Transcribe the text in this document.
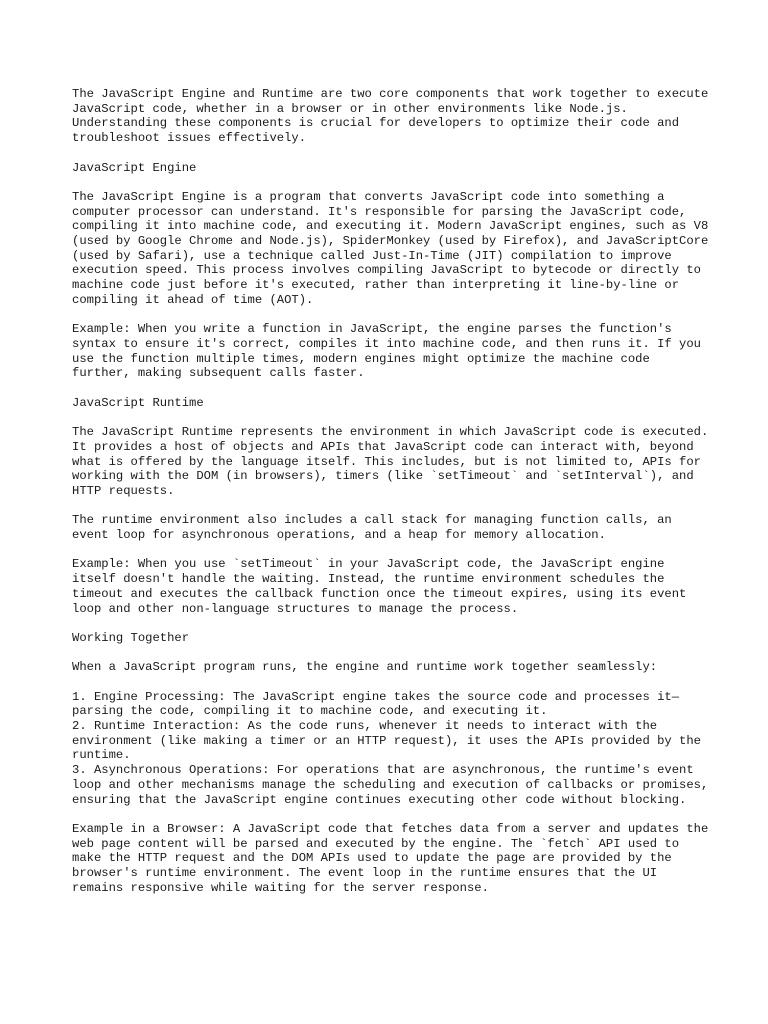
The JavaScript Engine and Runtime are two core components that work together to execute JavaScript code, whether in a browser or in other environments like Node.js. Understanding these components is crucial for developers to optimize their code and troubleshoot issues effectively.

JavaScript Engine

The JavaScript Engine is a program that converts JavaScript code into something a computer processor can understand. It's responsible for parsing the JavaScript code, compiling it into machine code, and executing it. Modern JavaScript engines, such as V8 (used by Google Chrome and Node.js), SpiderMonkey (used by Firefox), and JavaScriptCore (used by Safari), use a technique called Just-In-Time (JIT) compilation to improve execution speed. This process involves compiling JavaScript to bytecode or directly to machine code just before it's executed, rather than interpreting it line-by-line or compiling it ahead of time (AOT).

Example: When you write a function in JavaScript, the engine parses the function's syntax to ensure it's correct, compiles it into machine code, and then runs it. If you use the function multiple times, modern engines might optimize the machine code further, making subsequent calls faster.

JavaScript Runtime

The JavaScript Runtime represents the environment in which JavaScript code is executed. It provides a host of objects and APIs that JavaScript code can interact with, beyond what is offered by the language itself. This includes, but is not limited to, APIs for working with the DOM (in browsers), timers (like `setTimeout` and `setInterval`), and HTTP requests.

The runtime environment also includes a call stack for managing function calls, an event loop for asynchronous operations, and a heap for memory allocation.

Example: When you use `setTimeout` in your JavaScript code, the JavaScript engine itself doesn't handle the waiting. Instead, the runtime environment schedules the timeout and executes the callback function once the timeout expires, using its event loop and other non-language structures to manage the process.

Working Together

When a JavaScript program runs, the engine and runtime work together seamlessly:

1. Engine Processing: The JavaScript engine takes the source code and processes it—parsing the code, compiling it to machine code, and executing it.

2. Runtime Interaction: As the code runs, whenever it needs to interact with the environment (like making a timer or an HTTP request), it uses the APIs provided by the runtime.

3. Asynchronous Operations: For operations that are asynchronous, the runtime's event loop and other mechanisms manage the scheduling and execution of callbacks or promises, ensuring that the JavaScript engine continues executing other code without blocking.

Example in a Browser: A JavaScript code that fetches data from a server and updates the web page content will be parsed and executed by the engine. The `fetch` API used to make the HTTP request and the DOM APIs used to update the page are provided by the browser's runtime environment. The event loop in the runtime ensures that the UI remains responsive while waiting for the server response.
